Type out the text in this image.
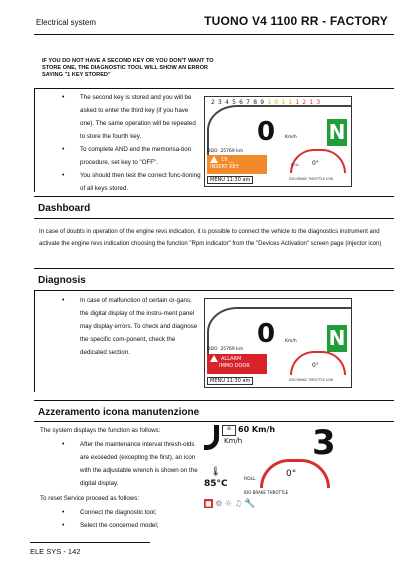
Electrical system	TUONO V4 1100 RR - FACTORY
IF YOU DO NOT HAVE A SECOND KEY OR YOU DON'T WANT TO STORE ONE, THE DIAGNOSTIC TOOL WILL SHOW AN ERROR SAYING "1 KEY STORED"
• The second key is stored and you will be asked to enter the third key (if you have one). The same operation will be repeated to store the fourth key.
• To complete AND end the memorisa-tion procedure, set key to "OFF".
• You should then test the correct func-tioning of all keys stored.
2345678910111213
0 Km/h N
ODO 25769 km
19.__
INSERT KEY	0°
ROLL
DS0 BRAKE THROTTLE LOW
MENU 11:30 am
Dashboard
In case of doubts in operation of the engine revs indication, it is possible to connect the vehicle to the diagnostics instrument and activate the engine revs indication choosing the function "Rpm indicator" from the "Devices Activation" screen page (injector icon)
Diagnosis
• In case of malfunction of certain or-gans, the digital display of the instru-ment panel may display errors. To check and diagnose the specific com-ponent, check the dedicated section.
0 Km/h N
ODO 25769 km
ALLARM
IMMO DOOR	0°
DS0 BRAKE THROTTLE LOW
MENU 11:30 am
Azzeramento icona manutenzione
The system displays the function as follows:
• After the maintenance interval thresh-olds are exceeded (excepting the first), an icon with the adjustable wrench is shown on the digital display.
To reset Service proceed as follows:
• Connect the diagnostic tool;
• Select the concerned model;
⊘ 60 Km/h
Km/h 3
0°
ROLL
🌡
85°C
IDO BRAKE THROTTLE
◼ ⚙ ☼ ♫ 🔧
ELE SYS - 142
